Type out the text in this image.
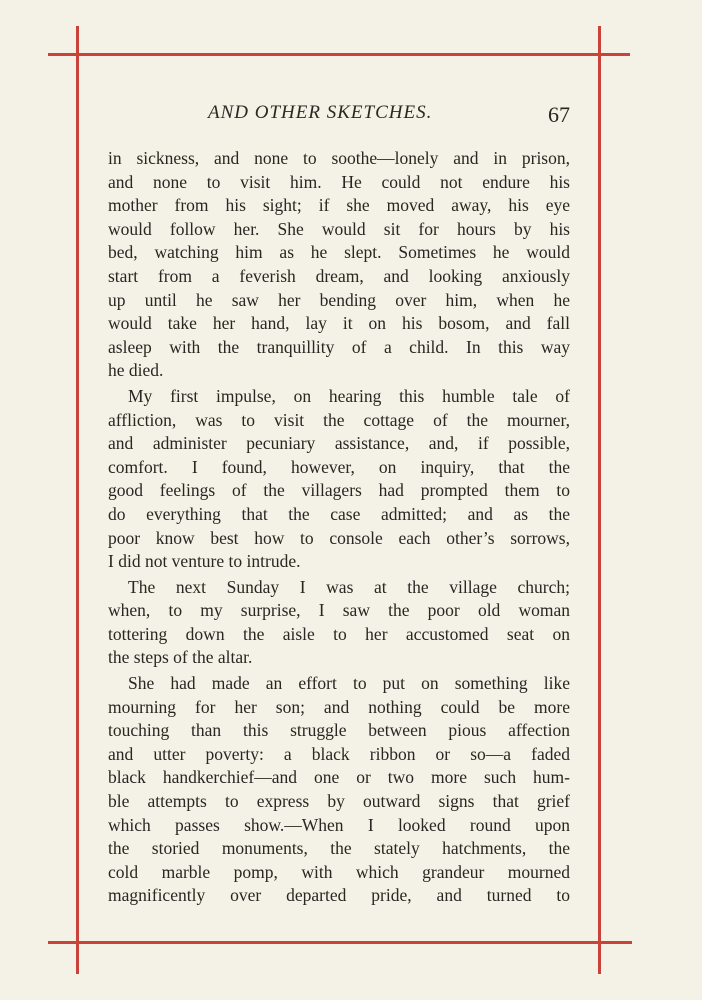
AND OTHER SKETCHES.	67

in sickness, and none to soothe—lonely and in prison,
and none to visit him. He could not endure his
mother from his sight; if she moved away, his eye
would follow her. She would sit for hours by his
bed, watching him as he slept. Sometimes he would
start from a feverish dream, and looking anxiously
up until he saw her bending over him, when he
would take her hand, lay it on his bosom, and fall
asleep with the tranquillity of a child. In this way
he died.

My first impulse, on hearing this humble tale of
affliction, was to visit the cottage of the mourner,
and administer pecuniary assistance, and, if possible,
comfort. I found, however, on inquiry, that the
good feelings of the villagers had prompted them to
do everything that the case admitted; and as the
poor know best how to console each other’s sorrows,
I did not venture to intrude.

The next Sunday I was at the village church;
when, to my surprise, I saw the poor old woman
tottering down the aisle to her accustomed seat on
the steps of the altar.

She had made an effort to put on something like
mourning for her son; and nothing could be more
touching than this struggle between pious affection
and utter poverty: a black ribbon or so—a faded
black handkerchief—and one or two more such hum-
ble attempts to express by outward signs that grief
which passes show.—When I looked round upon
the storied monuments, the stately hatchments, the
cold marble pomp, with which grandeur mourned
magnificently over departed pride, and turned to
